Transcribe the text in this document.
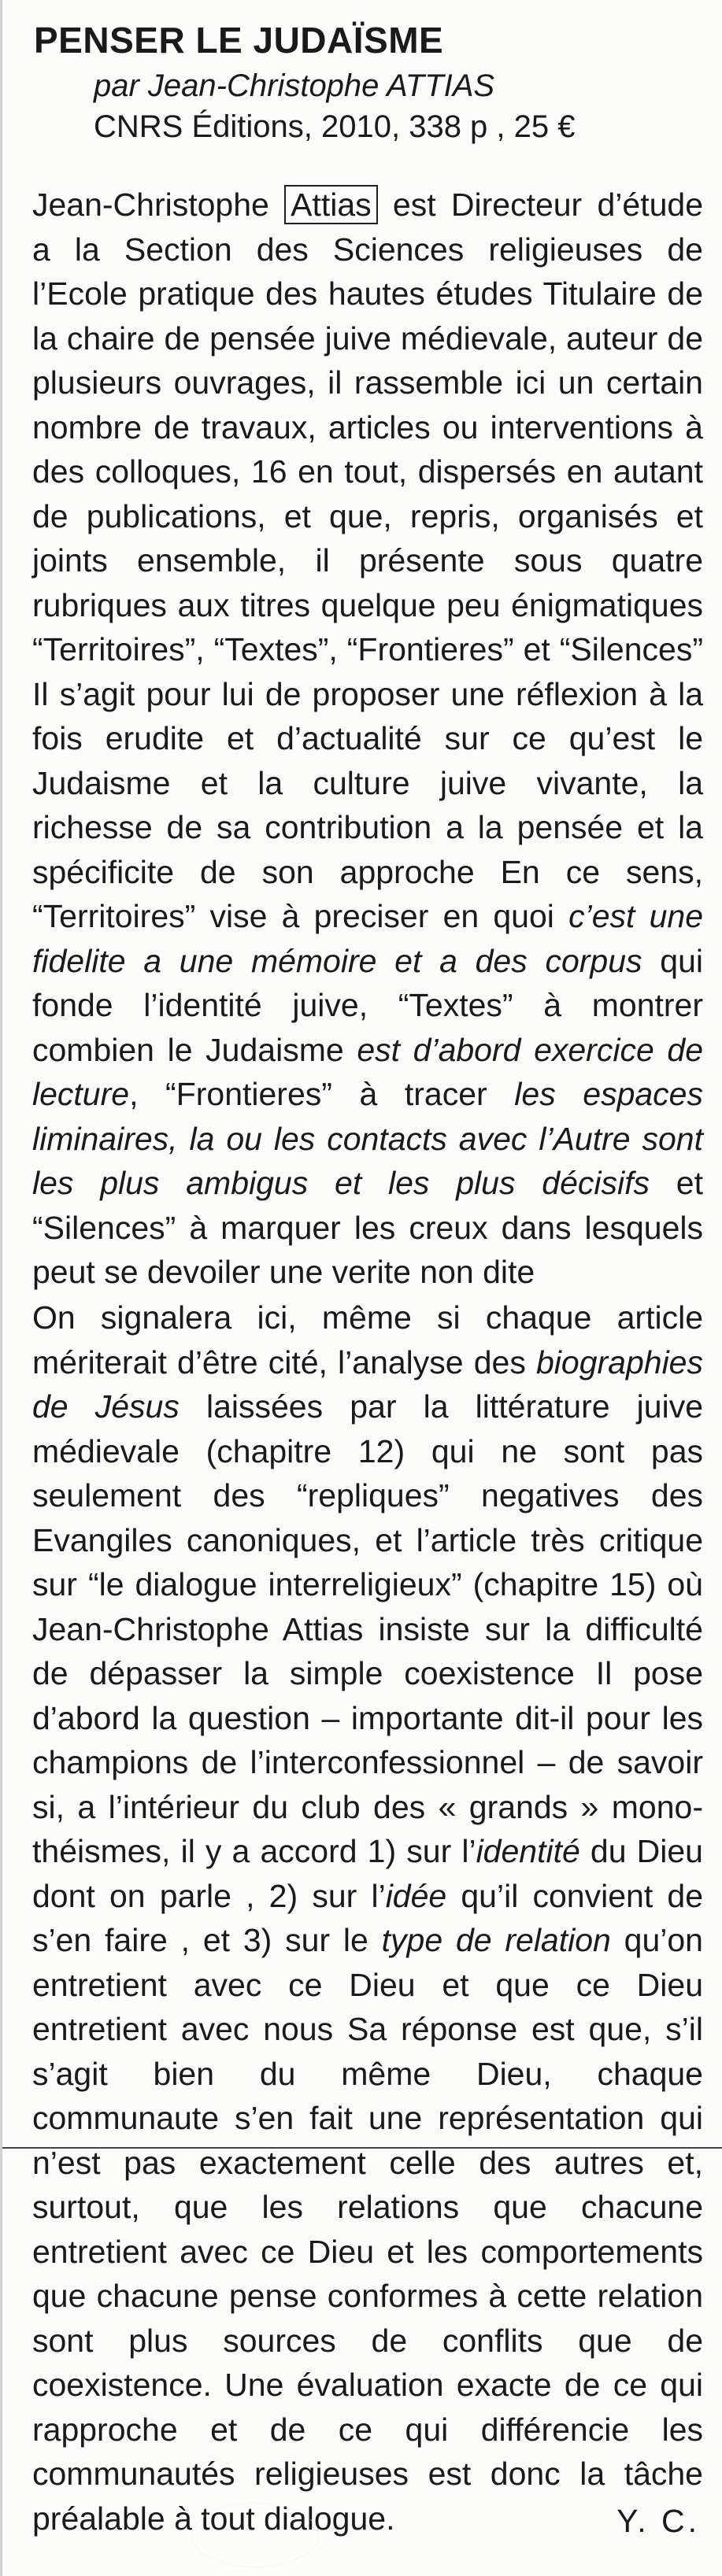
PENSER LE JUDAÏSME
par Jean-Christophe ATTIAS
CNRS Éditions, 2010, 338 p , 25 €

Jean-Christophe Attias est Directeur d’étude a la Section des Sciences religieuses de l’Ecole pratique des hautes études Titulaire de la chaire de pensée juive médievale, auteur de plusieurs ouvrages, il rassemble ici un certain nombre de travaux, articles ou interventions à des colloques, 16 en tout, dispersés en autant de publications, et que, repris, organisés et joints ensemble, il présente sous quatre rubriques aux titres quelque peu énigmatiques “Territoires”, “Textes”, “Frontieres” et “Silences” Il s’agit pour lui de proposer une réflexion à la fois erudite et d’actualité sur ce qu’est le Judaisme et la culture juive vivante, la richesse de sa contribution a la pensée et la spécificite de son approche En ce sens, “Territoires” vise à preciser en quoi c’est une fidelite a une mémoire et a des corpus qui fonde l’identité juive, “Textes” à montrer combien le Judaisme est d’abord exercice de lecture, “Frontieres” à tracer les espaces liminaires, la ou les contacts avec l’Autre sont les plus ambigus et les plus décisifs et “Silences” à marquer les creux dans lesquels peut se devoiler une verite non dite

On signalera ici, même si chaque article mériterait d’être cité, l’analyse des biographies de Jésus laissées par la littérature juive médievale (chapitre 12) qui ne sont pas seulement des “repliques” negatives des Evangiles canoniques, et l’article très critique sur “le dialogue interreligieux” (chapitre 15) où Jean-Christophe Attias insiste sur la difficulté de dépasser la simple coexistence Il pose d’abord la question – importante dit-il pour les champions de l’interconfessionnel – de savoir si, a l’intérieur du club des « grands » monothéismes, il y a accord 1) sur l’identité du Dieu dont on parle , 2) sur l’idée qu’il convient de s’en faire , et 3) sur le type de relation qu’on entretient avec ce Dieu et que ce Dieu entretient avec nous Sa réponse est que, s’il s’agit bien du même Dieu, chaque communaute s’en fait une représentation qui n’est pas exactement celle des autres et, surtout, que les relations que chacune entretient avec ce Dieu et les comportements que chacune pense conformes à cette relation sont plus sources de conflits que de coexistence. Une évaluation exacte de ce qui rapproche et de ce qui différencie les communautés religieuses est donc la tâche préalable à tout dialogue.	Y. C.
